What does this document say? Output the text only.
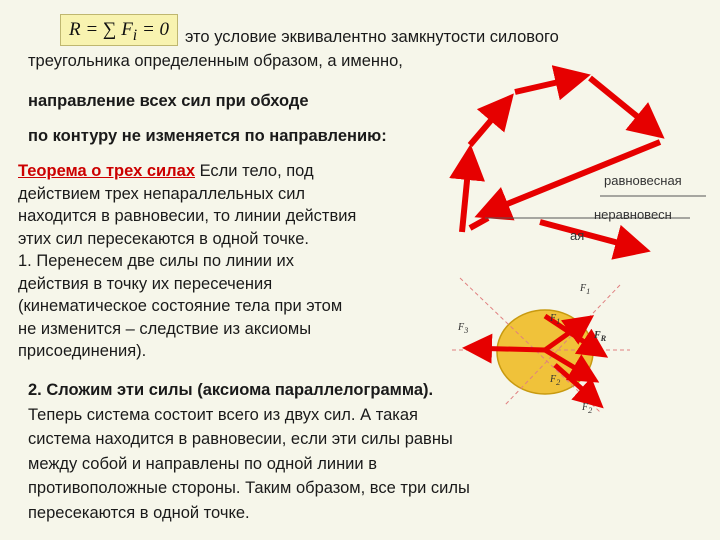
R = ∑ $F_i = 0$ это условие эквивалентно замкнутости силового
треугольника определенным образом, а именно,
направление всех сил при обходе
по контуру не изменяется по направлению:
равновесная
неравновесн
ая
$F_1$
$F_1$
$F_3$	$F_R$
$F_2$
$F_2$
Теорема о трех силах Если тело, под
действием трех непараллельных сил
находится в равновесии, то линии действия
этих сил пересекаются в одной точке.
1. Перенесем две силы по линии их
действия в точку их пересечения
(кинематическое состояние тела при этом
не изменится – следствие из аксиомы
присоединения).
2. Сложим эти силы (аксиома параллелограмма).
Теперь система состоит всего из двух сил. А такая
система находится в равновесии, если эти силы равны
между собой и направлены по одной линии в
противоположные стороны. Таким образом, все три силы
пересекаются в одной точке.
